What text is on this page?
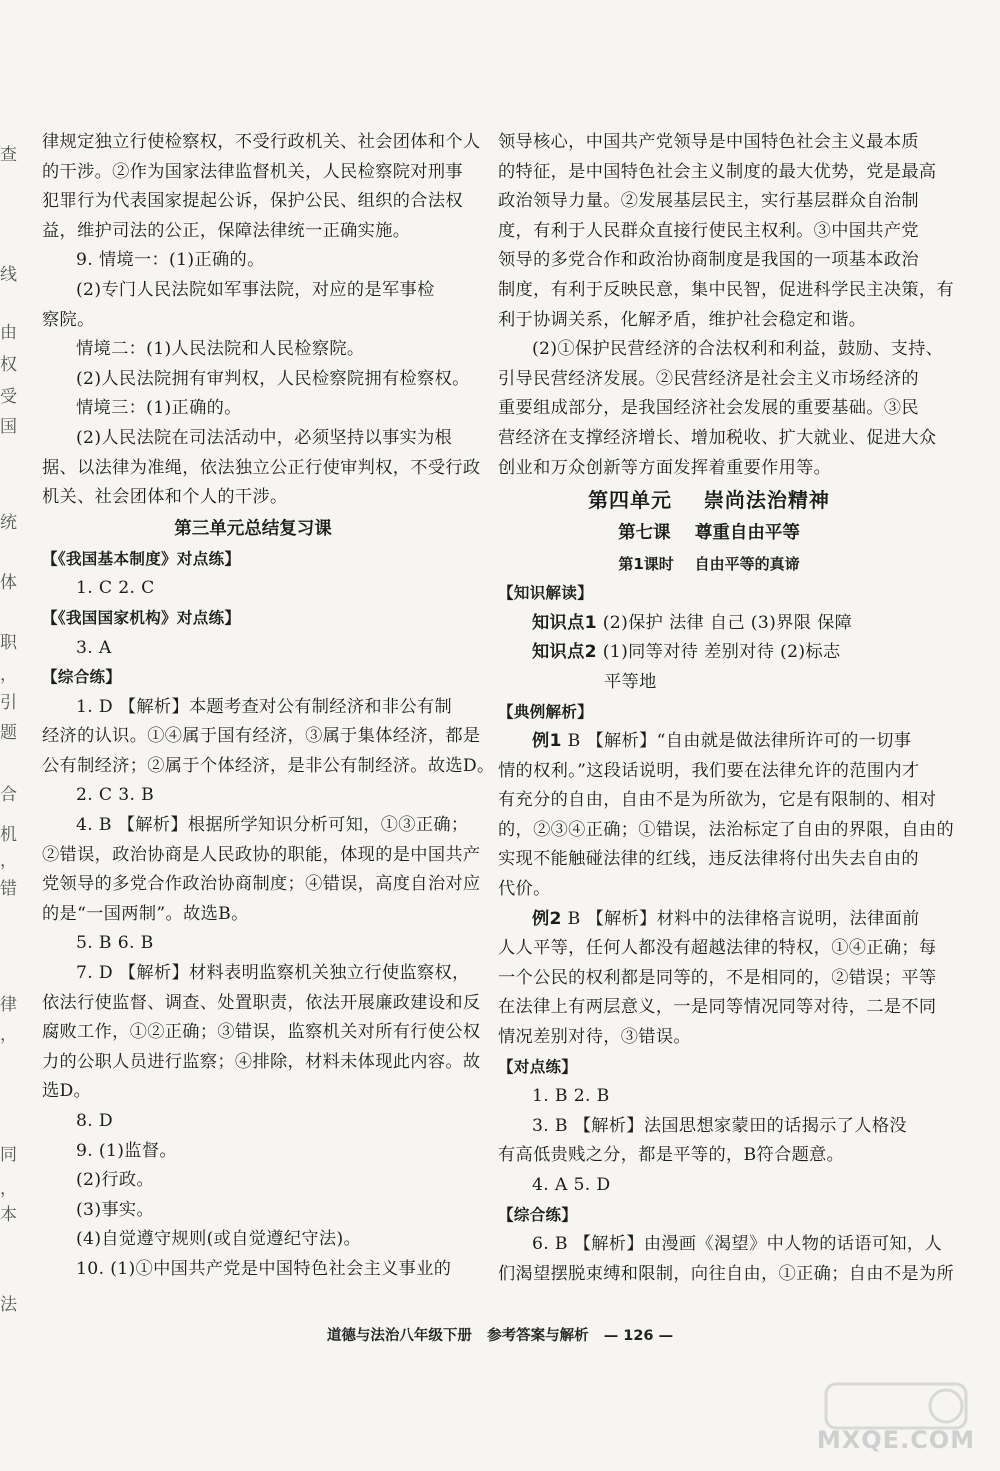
查
线
由
权
受
国
统
体
职
，
引
题
合
机
，
错
律
，
同
，
本
法
律规定独立行使检察权，不受行政机关、社会团体和个人
的干涉。②作为国家法律监督机关，人民检察院对刑事
犯罪行为代表国家提起公诉，保护公民、组织的合法权
益，维护司法的公正，保障法律统一正确实施。
9. 情境一：(1)正确的。
(2)专门人民法院如军事法院，对应的是军事检
察院。
情境二：(1)人民法院和人民检察院。
(2)人民法院拥有审判权，人民检察院拥有检察权。
情境三：(1)正确的。
(2)人民法院在司法活动中，必须坚持以事实为根
据、以法律为准绳，依法独立公正行使审判权，不受行政
机关、社会团体和个人的干涉。
第三单元总结复习课
【《我国基本制度》对点练】
1. C 2. C
【《我国国家机构》对点练】
3. A
【综合练】
1. D 【解析】本题考查对公有制经济和非公有制
经济的认识。①④属于国有经济，③属于集体经济，都是
公有制经济；②属于个体经济，是非公有制经济。故选D。
2. C 3. B
4. B 【解析】根据所学知识分析可知，①③正确；
②错误，政治协商是人民政协的职能，体现的是中国共产
党领导的多党合作政治协商制度；④错误，高度自治对应
的是“一国两制”。故选B。
5. B 6. B
7. D 【解析】材料表明监察机关独立行使监察权，
依法行使监督、调查、处置职责，依法开展廉政建设和反
腐败工作，①②正确；③错误，监察机关对所有行使公权
力的公职人员进行监察；④排除，材料未体现此内容。故
选D。
8. D
9. (1)监督。
(2)行政。
(3)事实。
(4)自觉遵守规则(或自觉遵纪守法)。
10. (1)①中国共产党是中国特色社会主义事业的
领导核心，中国共产党领导是中国特色社会主义最本质
的特征，是中国特色社会主义制度的最大优势，党是最高
政治领导力量。②发展基层民主，实行基层群众自治制
度，有利于人民群众直接行使民主权利。③中国共产党
领导的多党合作和政治协商制度是我国的一项基本政治
制度，有利于反映民意，集中民智，促进科学民主决策，有
利于协调关系，化解矛盾，维护社会稳定和谐。
(2)①保护民营经济的合法权利和利益，鼓励、支持、
引导民营经济发展。②民营经济是社会主义市场经济的
重要组成部分，是我国经济社会发展的重要基础。③民
营经济在支撑经济增长、增加税收、扩大就业、促进大众
创业和万众创新等方面发挥着重要作用等。
第四单元    崇尚法治精神
第七课    尊重自由平等
第1课时    自由平等的真谛
【知识解读】
知识点1 (2)保护 法律 自己 (3)界限 保障
知识点2 (1)同等对待 差别对待 (2)标志
平等地
【典例解析】
例1 B 【解析】“自由就是做法律所许可的一切事
情的权利。”这段话说明，我们要在法律允许的范围内才
有充分的自由，自由不是为所欲为，它是有限制的、相对
的，②③④正确；①错误，法治标定了自由的界限，自由的
实现不能触碰法律的红线，违反法律将付出失去自由的
代价。
例2 B 【解析】材料中的法律格言说明，法律面前
人人平等，任何人都没有超越法律的特权，①④正确；每
一个公民的权利都是同等的，不是相同的，②错误；平等
在法律上有两层意义，一是同等情况同等对待，二是不同
情况差别对待，③错误。
【对点练】
1. B 2. B
3. B 【解析】法国思想家蒙田的话揭示了人格没
有高低贵贱之分，都是平等的，B符合题意。
4. A 5. D
【综合练】
6. B 【解析】由漫画《渴望》中人物的话语可知，人
们渴望摆脱束缚和限制，向往自由，①正确；自由不是为所
道德与法治八年级下册   参考答案与解析   — 126 —
MXQE.COM
